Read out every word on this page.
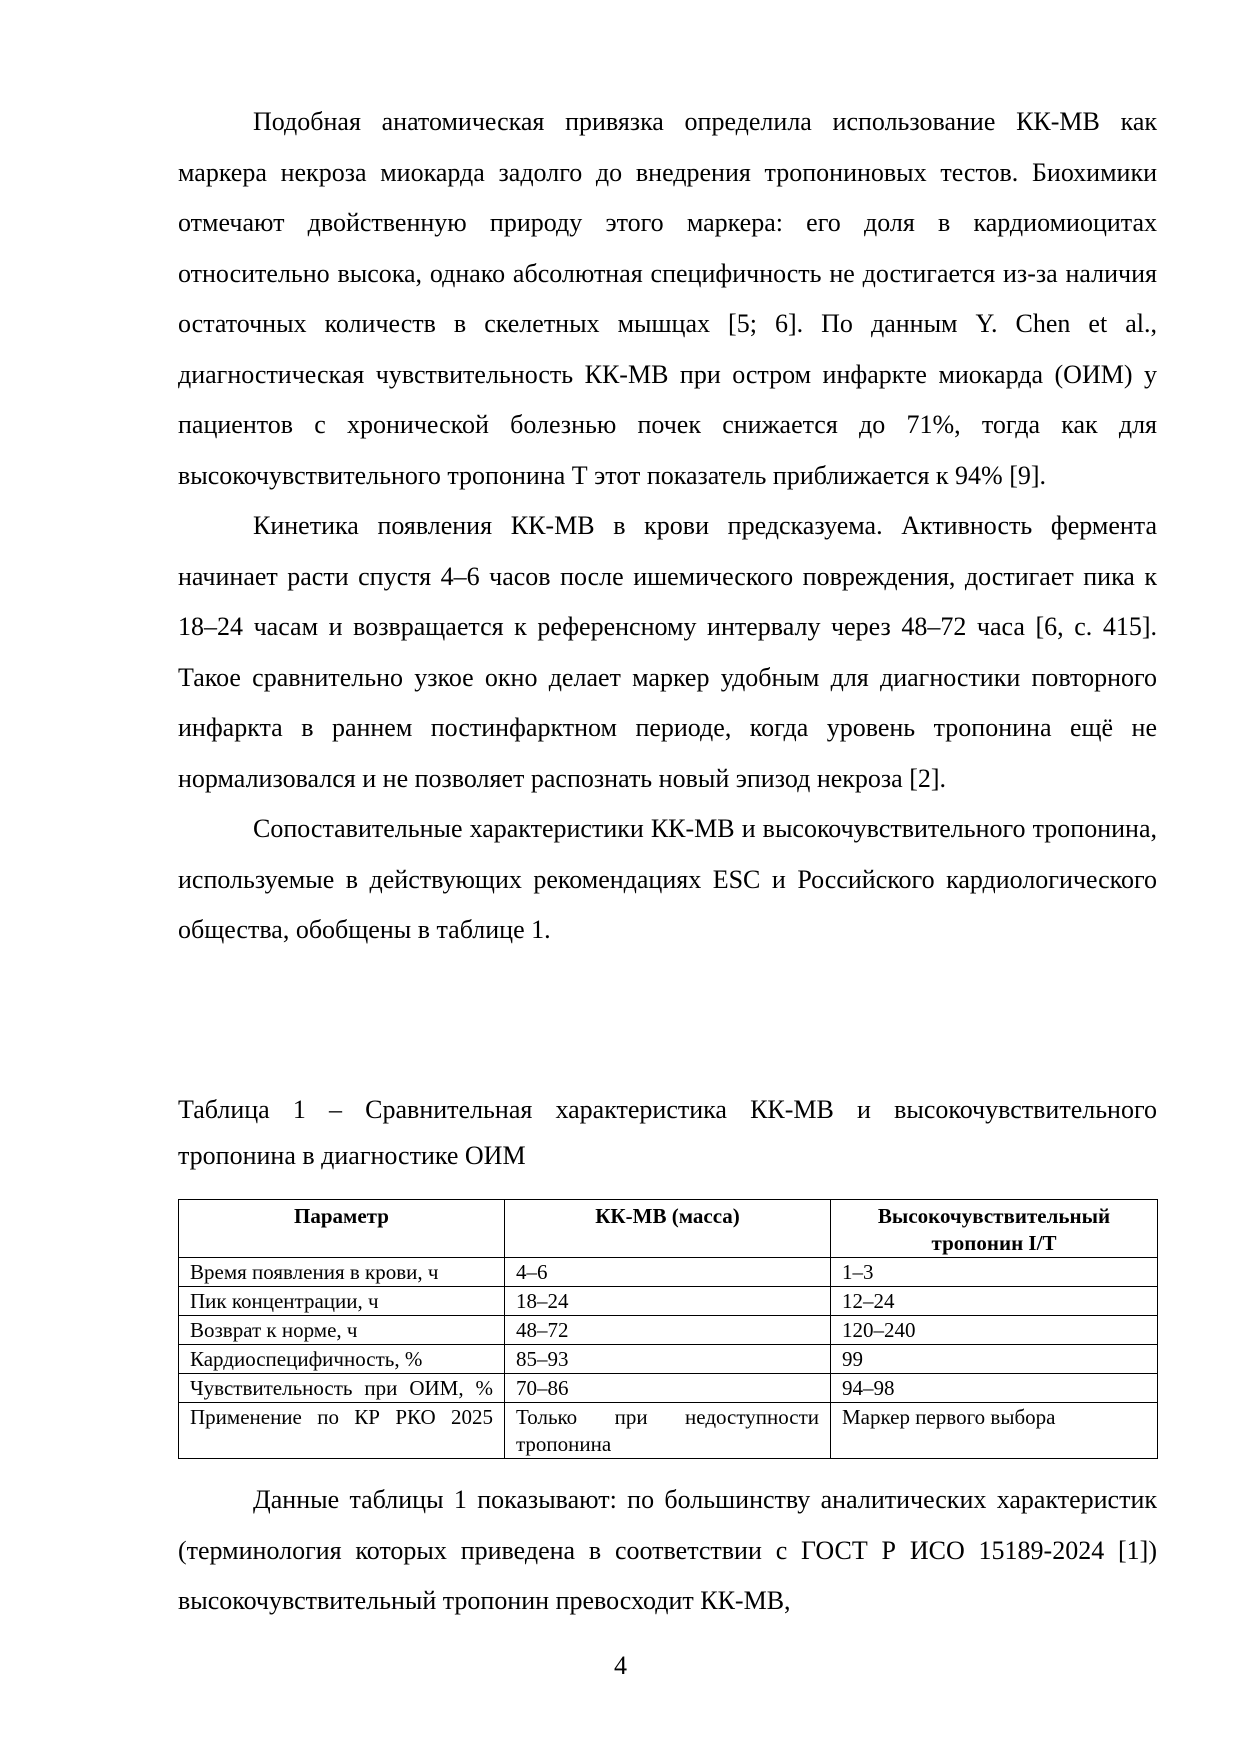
Подобная анатомическая привязка определила использование КК-МВ как маркера некроза миокарда задолго до внедрения тропониновых тестов. Биохимики отмечают двойственную природу этого маркера: его доля в кардиомиоцитах относительно высока, однако абсолютная специфичность не достигается из-за наличия остаточных количеств в скелетных мышцах [5; 6]. По данным Y. Chen et al., диагностическая чувствительность КК-МВ при остром инфаркте миокарда (ОИМ) у пациентов с хронической болезнью почек снижается до 71%, тогда как для высокочувствительного тропонина Т этот показатель приближается к 94% [9].

Кинетика появления КК-МВ в крови предсказуема. Активность фермента начинает расти спустя 4–6 часов после ишемического повреждения, достигает пика к 18–24 часам и возвращается к референсному интервалу через 48–72 часа [6, с. 415]. Такое сравнительно узкое окно делает маркер удобным для диагностики повторного инфаркта в раннем постинфарктном периоде, когда уровень тропонина ещё не нормализовался и не позволяет распознать новый эпизод некроза [2].

Сопоставительные характеристики КК-МВ и высокочувствительного тропонина, используемые в действующих рекомендациях ESC и Российского кардиологического общества, обобщены в таблице 1.

Таблица 1 – Сравнительная характеристика КК-МВ и высокочувствительного тропонина в диагностике ОИМ

Параметр	КК-МВ (масса)	Высокочувствительный тропонин I/T
Время появления в крови, ч	4–6	1–3
Пик концентрации, ч	18–24	12–24
Возврат к норме, ч	48–72	120–240
Кардиоспецифичность, %	85–93	99
Чувствительность при ОИМ, %	70–86	94–98
Применение по КР РКО 2025	Только при недоступности тропонина	Маркер первого выбора

Данные таблицы 1 показывают: по большинству аналитических характеристик (терминология которых приведена в соответствии с ГОСТ Р ИСО 15189-2024 [1]) высокочувствительный тропонин превосходит КК-МВ,

4
